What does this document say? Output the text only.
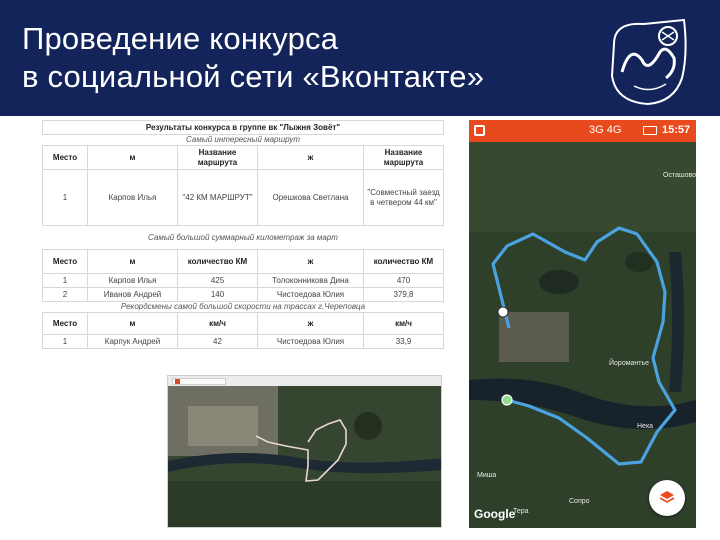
Проведение конкурса
в социальной сети «Вконтакте»
Результаты конкурса в группе вк "Лыжня Зовёт"				
Самый интересный маршрут				
Место	м	Название маршрута	ж	Название маршрута
1	Карпов Илья	"42 КМ МАРШРУТ"	Орешкова Светлана	"Совместный заезд в четвером 44 км"
Самый большой суммарный километраж за март				
Место	м	количество КМ	ж	количество КМ
1	Карпов Илья	425	Толоконникова Дина	470
2	Иванов Андрей	140	Чистоедова Юлия	379,8
Рекордсмены самой большой скорости на трассах г.Череповца				
Место	м	км/ч	ж	км/ч
1	Карпук Андрей	42	Чистоедова Юлия	33,9
3G 4G	15:57
Йоромантье
Нека
Миша
Сопро
Тера
Осташово
Google
